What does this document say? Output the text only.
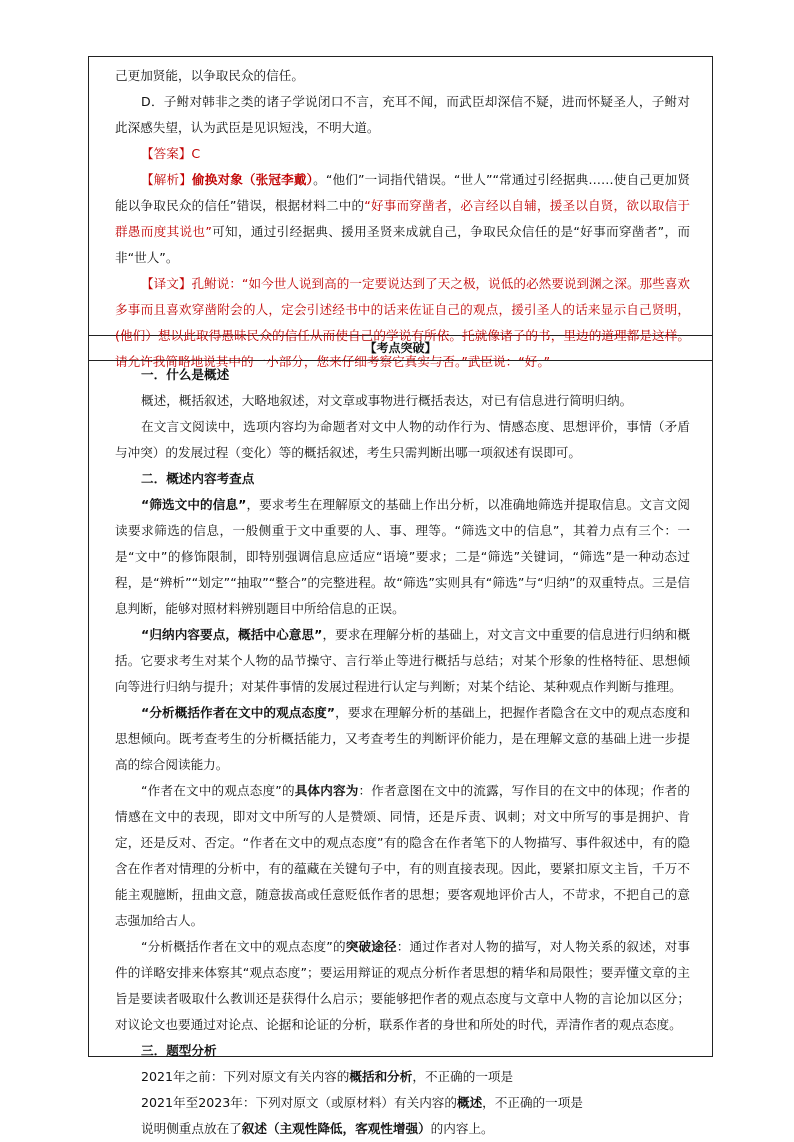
己更加贤能，以争取民众的信任。

D．子鲋对韩非之类的诸子学说闭口不言，充耳不闻，而武臣却深信不疑，进而怀疑圣人，子鲋对此深感失望，认为武臣是见识短浅，不明大道。

【答案】C

【解析】偷换对象（张冠李戴）。“他们”一词指代错误。“世人”“常通过引经据典……使自己更加贤能以争取民众的信任”错误，根据材料二中的“好事而穿凿者，必言经以自辅，援圣以自贤，欲以取信于群愚而度其说也”可知，通过引经据典、援用圣贤来成就自己，争取民众信任的是“好事而穿凿者”，而非“世人”。

【译文】孔鲋说：“如今世人说到高的一定要说达到了天之极，说低的必然要说到渊之深。那些喜欢多事而且喜欢穿凿附会的人，定会引述经书中的话来佐证自己的观点，援引圣人的话来显示自己贤明，(他们）想以此取得愚昧民众的信任从而使自己的学说有所依。托就像诸子的书，里边的道理都是这样。请允许我简略地说其中的一小部分，您来仔细考察它真实与否。”武臣说：“好。”

【考点突破】

一．什么是概述

概述，概括叙述，大略地叙述，对文章或事物进行概括表达，对已有信息进行简明归纳。

在文言文阅读中，选项内容均为命题者对文中人物的动作行为、情感态度、思想评价，事情（矛盾与冲突）的发展过程（变化）等的概括叙述，考生只需判断出哪一项叙述有误即可。

二．概述内容考查点

“筛选文中的信息”，要求考生在理解原文的基础上作出分析，以准确地筛选并提取信息。文言文阅读要求筛选的信息，一般侧重于文中重要的人、事、理等。“筛选文中的信息”，其着力点有三个：一是“文中”的修饰限制，即特别强调信息应适应“语境”要求；二是“筛选”关键词，“筛选”是一种动态过程，是“辨析”“划定”“抽取”“整合”的完整进程。故“筛选”实则具有“筛选”与“归纳”的双重特点。三是信息判断，能够对照材料辨别题目中所给信息的正误。

“归纳内容要点，概括中心意思”，要求在理解分析的基础上，对文言文中重要的信息进行归纳和概括。它要求考生对某个人物的品节操守、言行举止等进行概括与总结；对某个形象的性格特征、思想倾向等进行归纳与提升；对某件事情的发展过程进行认定与判断；对某个结论、某种观点作判断与推理。

“分析概括作者在文中的观点态度”，要求在理解分析的基础上，把握作者隐含在文中的观点态度和思想倾向。既考查考生的分析概括能力，又考查考生的判断评价能力，是在理解文意的基础上进一步提高的综合阅读能力。

“作者在文中的观点态度”的具体内容为：作者意图在文中的流露，写作目的在文中的体现；作者的情感在文中的表现，即对文中所写的人是赞颂、同情，还是斥责、讽刺；对文中所写的事是拥护、肯定，还是反对、否定。“作者在文中的观点态度”有的隐含在作者笔下的人物描写、事件叙述中，有的隐含在作者对情理的分析中，有的蕴藏在关键句子中，有的则直接表现。因此，要紧扣原文主旨，千万不能主观臆断，扭曲文意，随意拔高或任意贬低作者的思想；要客观地评价古人，不苛求，不把自己的意志强加给古人。

“分析概括作者在文中的观点态度”的突破途径：通过作者对人物的描写，对人物关系的叙述，对事件的详略安排来体察其“观点态度”；要运用辩证的观点分析作者思想的精华和局限性；要弄懂文章的主旨是要读者吸取什么教训还是获得什么启示；要能够把作者的观点态度与文章中人物的言论加以区分；对议论文也要通过对论点、论据和论证的分析，联系作者的身世和所处的时代，弄清作者的观点态度。

三．题型分析

2021年之前：下列对原文有关内容的概括和分析，不正确的一项是

2021年至2023年：下列对原文（或原材料）有关内容的概述，不正确的一项是

说明侧重点放在了叙述（主观性降低，客观性增强）的内容上。
